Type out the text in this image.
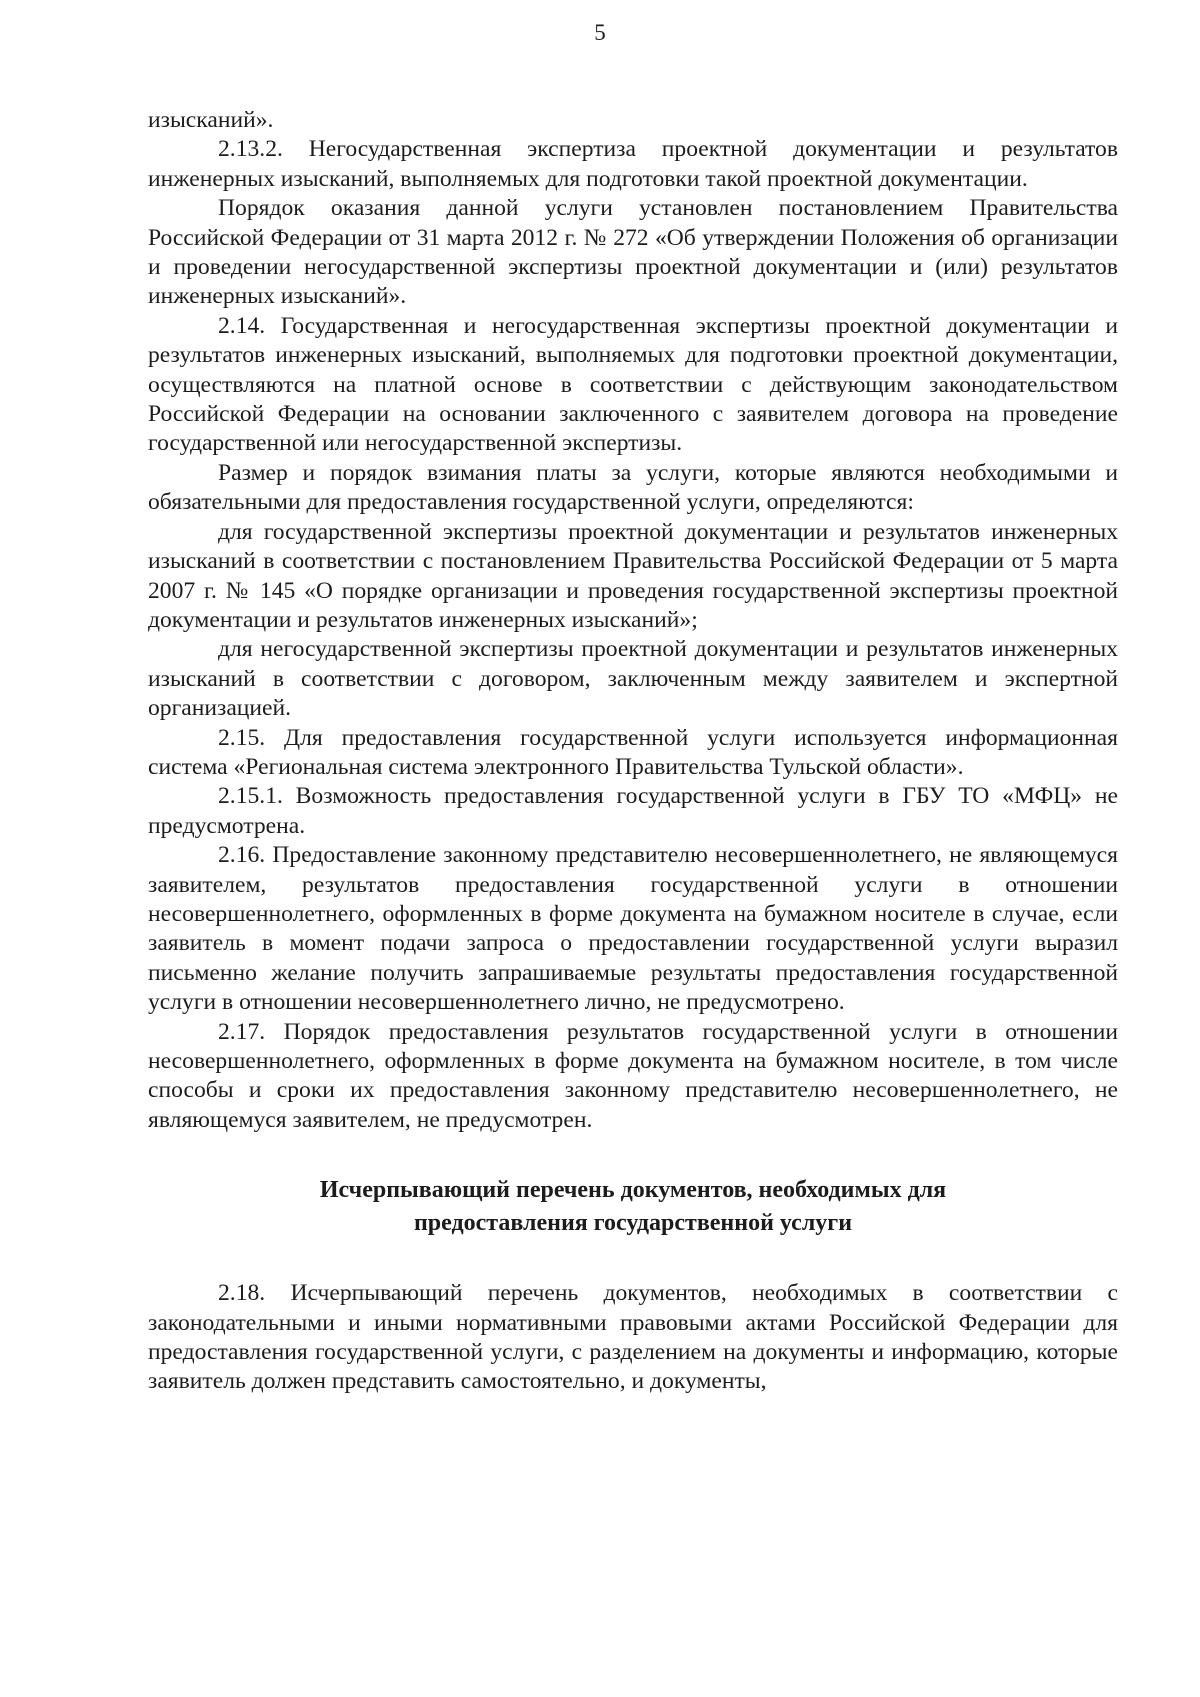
5

изысканий».

2.13.2. Негосударственная экспертиза проектной документации и результатов инженерных изысканий, выполняемых для подготовки такой проектной документации.

Порядок оказания данной услуги установлен постановлением Правительства Российской Федерации от 31 марта 2012 г. № 272 «Об утверждении Положения об организации и проведении негосударственной экспертизы проектной документации и (или) результатов инженерных изысканий».

2.14. Государственная и негосударственная экспертизы проектной документации и результатов инженерных изысканий, выполняемых для подготовки проектной документации, осуществляются на платной основе в соответствии с действующим законодательством Российской Федерации на основании заключенного с заявителем договора на проведение государственной или негосударственной экспертизы.

Размер и порядок взимания платы за услуги, которые являются необходимыми и обязательными для предоставления государственной услуги, определяются:

для государственной экспертизы проектной документации и результатов инженерных изысканий в соответствии с постановлением Правительства Российской Федерации от 5 марта 2007 г. № 145 «О порядке организации и проведения государственной экспертизы проектной документации и результатов инженерных изысканий»;

для негосударственной экспертизы проектной документации и результатов инженерных изысканий в соответствии с договором, заключенным между заявителем и экспертной организацией.

2.15. Для предоставления государственной услуги используется информационная система «Региональная система электронного Правительства Тульской области».

2.15.1. Возможность предоставления государственной услуги в ГБУ ТО «МФЦ» не предусмотрена.

2.16. Предоставление законному представителю несовершеннолетнего, не являющемуся заявителем, результатов предоставления государственной услуги в отношении несовершеннолетнего, оформленных в форме документа на бумажном носителе в случае, если заявитель в момент подачи запроса о предоставлении государственной услуги выразил письменно желание получить запрашиваемые результаты предоставления государственной услуги в отношении несовершеннолетнего лично, не предусмотрено.

2.17. Порядок предоставления результатов государственной услуги в отношении несовершеннолетнего, оформленных в форме документа на бумажном носителе, в том числе способы и сроки их предоставления законному представителю несовершеннолетнего, не являющемуся заявителем, не предусмотрен.

Исчерпывающий перечень документов, необходимых для
предоставления государственной услуги

2.18. Исчерпывающий перечень документов, необходимых в соответствии с законодательными и иными нормативными правовыми актами Российской Федерации для предоставления государственной услуги, с разделением на документы и информацию, которые заявитель должен представить самостоятельно, и документы,
